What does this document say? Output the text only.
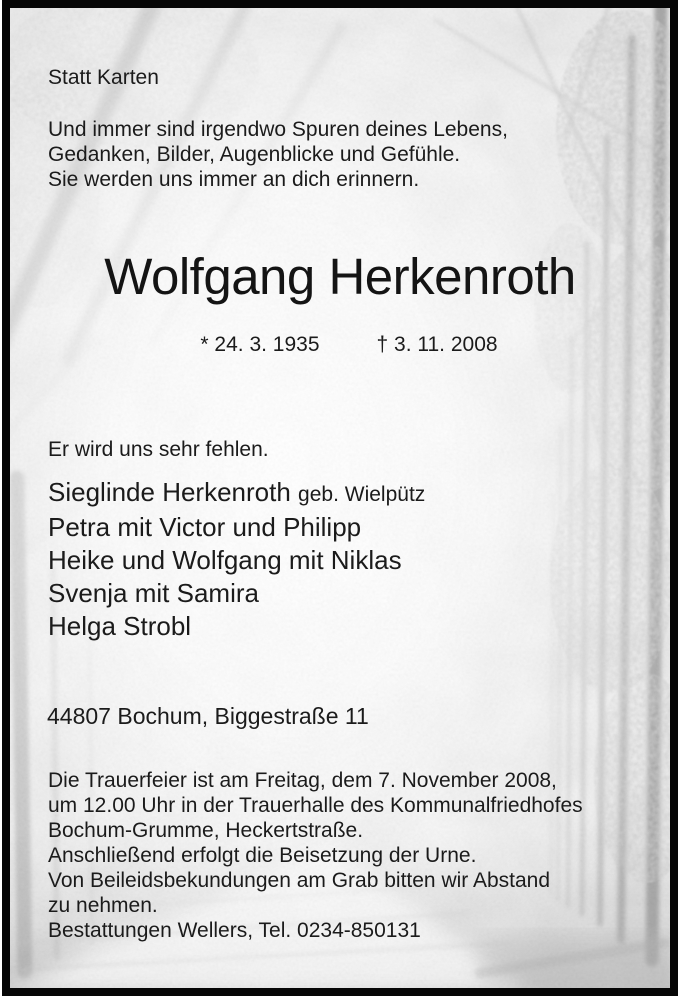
Statt Karten
Und immer sind irgendwo Spuren deines Lebens,
Gedanken, Bilder, Augenblicke und Gefühle.
Sie werden uns immer an dich erinnern.
Wolfgang Herkenroth
* 24. 3. 1935	† 3. 11. 2008
Er wird uns sehr fehlen.
Sieglinde Herkenroth geb. Wielpütz
Petra mit Victor und Philipp
Heike und Wolfgang mit Niklas
Svenja mit Samira
Helga Strobl
44807 Bochum, Biggestraße 11
Die Trauerfeier ist am Freitag, dem 7. November 2008,
um 12.00 Uhr in der Trauerhalle des Kommunalfriedhofes
Bochum-Grumme, Heckertstraße.
Anschließend erfolgt die Beisetzung der Urne.
Von Beileidsbekundungen am Grab bitten wir Abstand
zu nehmen.
Bestattungen Wellers, Tel. 0234-850131
